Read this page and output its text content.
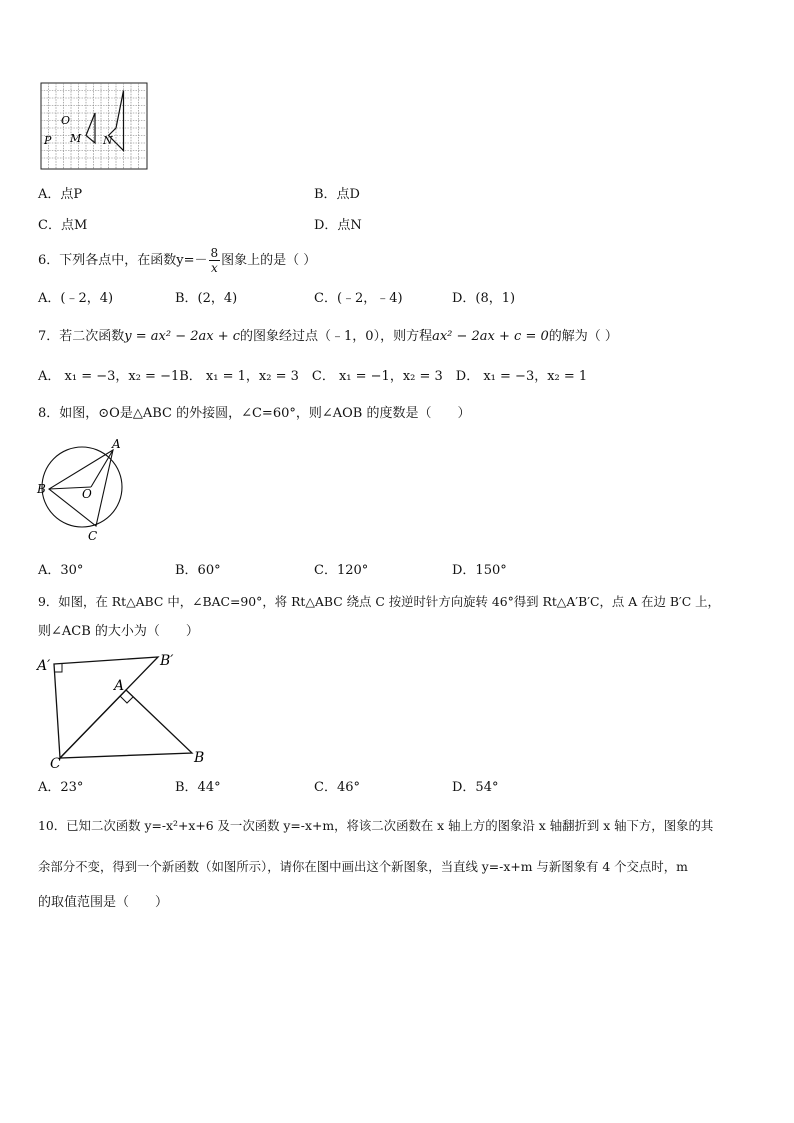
O
P M N
A．点P	B．点D
C．点M	D．点N
6．下列各点中，在函数$y=- \frac{8}{x}$ 图象上的是（ ）
A．(﹣2，4)	B．(2，4)	C．(﹣2，﹣4)	D．(8，1)
7．若二次函数y = ax² − 2ax + c的图象经过点（﹣1，0），则方程ax² − 2ax + c = 0的解为（ ）
A． x₁ = −3，x₂ = −1B． x₁ = 1，x₂ = 3　C． x₁ = −1，x₂ = 3　D． x₁ = −3，x₂ = 1
8．如图，⊙O是△ABC 的外接圆，∠C=60°，则∠AOB 的度数是（　　）
A
B	O
C
A．30°	B．60°	C．120°	D．150°
9．如图，在 Rt△ABC 中，∠BAC=90°，将 Rt△ABC 绕点 C 按逆时针方向旋转 46°得到 Rt△A′B′C，点 A 在边 B′C 上，
则∠ACB 的大小为（　　）
A′	B′
A
C	B
A．23°	B．44°	C．46°	D．54°
10．已知二次函数 y=-x²+x+6 及一次函数 y=-x+m，将该二次函数在 x 轴上方的图象沿 x 轴翻折到 x 轴下方，图象的其
余部分不变，得到一个新函数（如图所示），请你在图中画出这个新图象，当直线 y=-x+m 与新图象有 4 个交点时，m
的取值范围是（　　）
